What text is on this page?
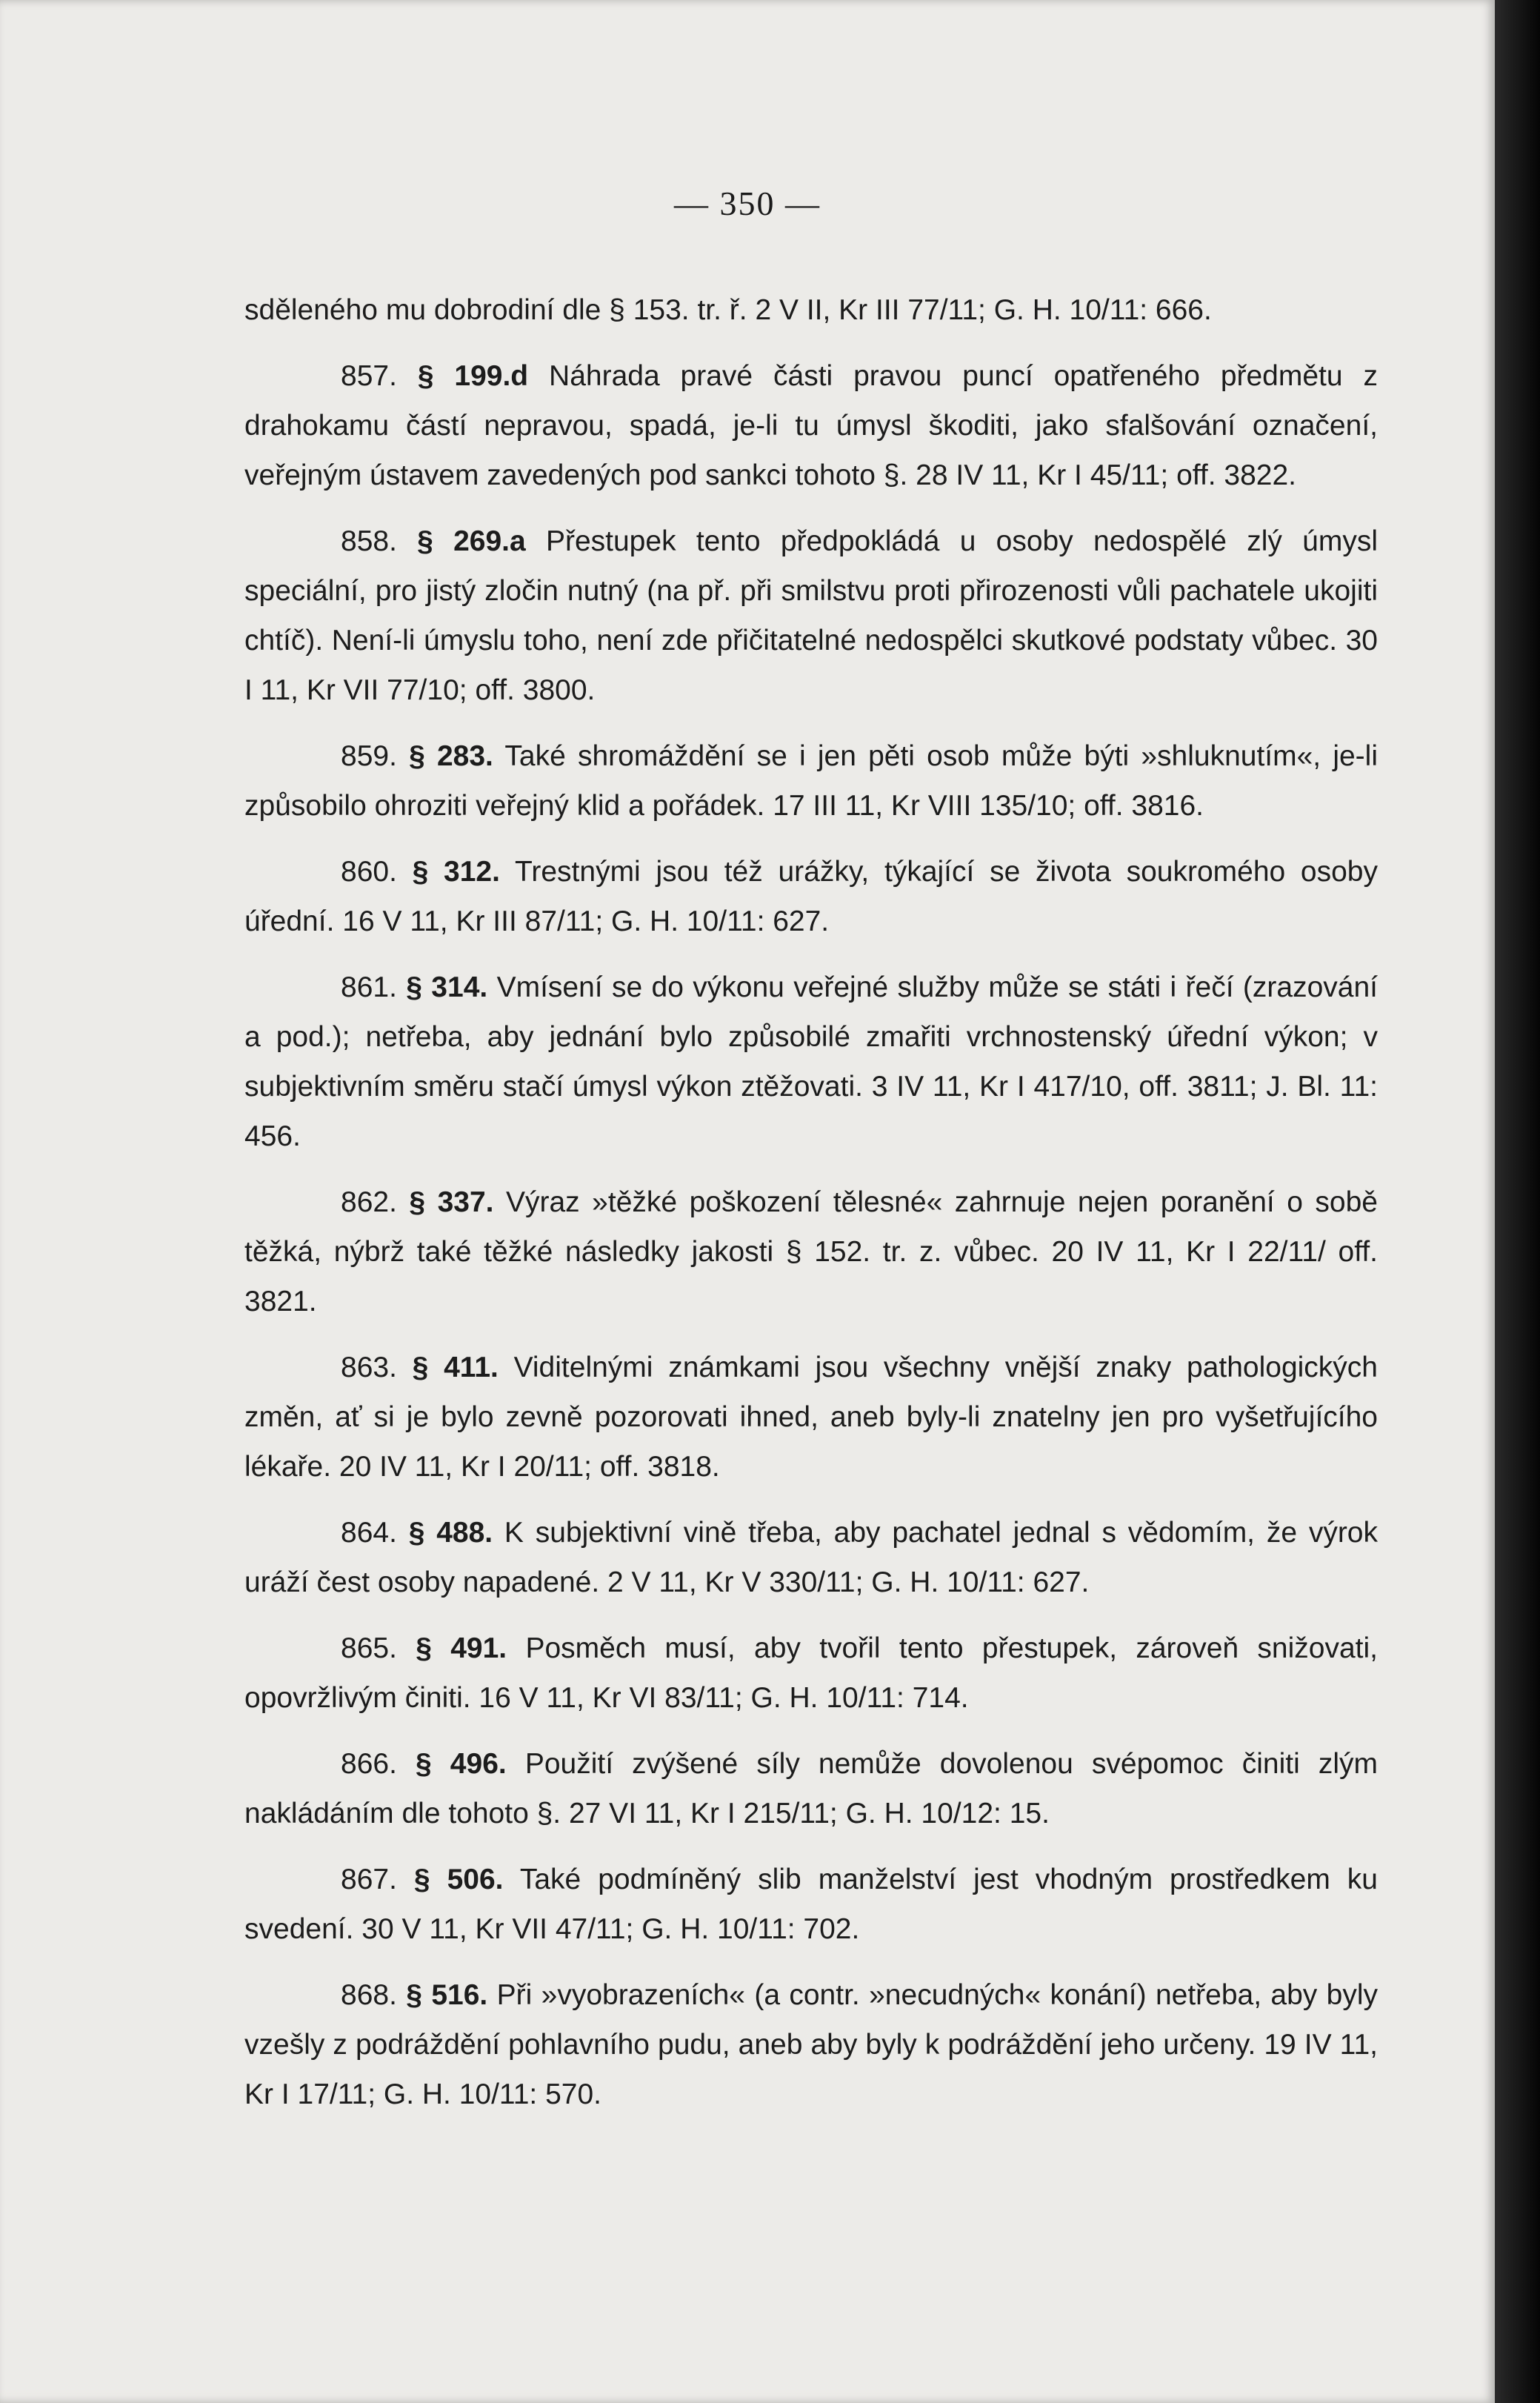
— 350 —

sděleného mu dobrodiní dle § 153. tr. ř. 2 V II, Kr III 77/11; G. H. 10/11: 666.

857. § 199.d Náhrada pravé části pravou puncí opatřeného předmětu z drahokamu částí nepravou, spadá, je-li tu úmysl škoditi, jako sfalšování označení, veřejným ústavem zavedených pod sankci tohoto §. 28 IV 11, Kr I 45/11; off. 3822.

858. § 269.a Přestupek tento předpokládá u osoby nedospělé zlý úmysl speciální, pro jistý zločin nutný (na př. při smilstvu proti přirozenosti vůli pachatele ukojiti chtíč). Není-li úmyslu toho, není zde přičitatelné nedospělci skutkové podstaty vůbec. 30 I 11, Kr VII 77/10; off. 3800.

859. § 283. Také shromáždění se i jen pěti osob může býti »shluknutím«, je-li způsobilo ohroziti veřejný klid a pořádek. 17 III 11, Kr VIII 135/10; off. 3816.

860. § 312. Trestnými jsou též urážky, týkající se života soukromého osoby úřední. 16 V 11, Kr III 87/11; G. H. 10/11: 627.

861. § 314. Vmísení se do výkonu veřejné služby může se státi i řečí (zrazování a pod.); netřeba, aby jednání bylo způsobilé zmařiti vrchnostenský úřední výkon; v subjektivním směru stačí úmysl výkon ztěžovati. 3 IV 11, Kr I 417/10, off. 3811; J. Bl. 11: 456.

862. § 337. Výraz »těžké poškození tělesné« zahrnuje nejen poranění o sobě těžká, nýbrž také těžké následky jakosti § 152. tr. z. vůbec. 20 IV 11, Kr I 22/11/ off. 3821.

863. § 411. Viditelnými známkami jsou všechny vnější znaky pathologických změn, ať si je bylo zevně pozorovati ihned, aneb byly-li znatelny jen pro vyšetřujícího lékaře. 20 IV 11, Kr I 20/11; off. 3818.

864. § 488. K subjektivní vině třeba, aby pachatel jednal s vědomím, že výrok uráží čest osoby napadené. 2 V 11, Kr V 330/11; G. H. 10/11: 627.

865. § 491. Posměch musí, aby tvořil tento přestupek, zároveň snižovati, opovržlivým činiti. 16 V 11, Kr VI 83/11; G. H. 10/11: 714.

866. § 496. Použití zvýšené síly nemůže dovolenou svépomoc činiti zlým nakládáním dle tohoto §. 27 VI 11, Kr I 215/11; G. H. 10/12: 15.

867. § 506. Také podmíněný slib manželství jest vhodným prostředkem ku svedení. 30 V 11, Kr VII 47/11; G. H. 10/11: 702.

868. § 516. Při »vyobrazeních« (a contr. »necudných« konání) netřeba, aby byly vzešly z podráždění pohlavního pudu, aneb aby byly k podráždění jeho určeny. 19 IV 11, Kr I 17/11; G. H. 10/11: 570.
